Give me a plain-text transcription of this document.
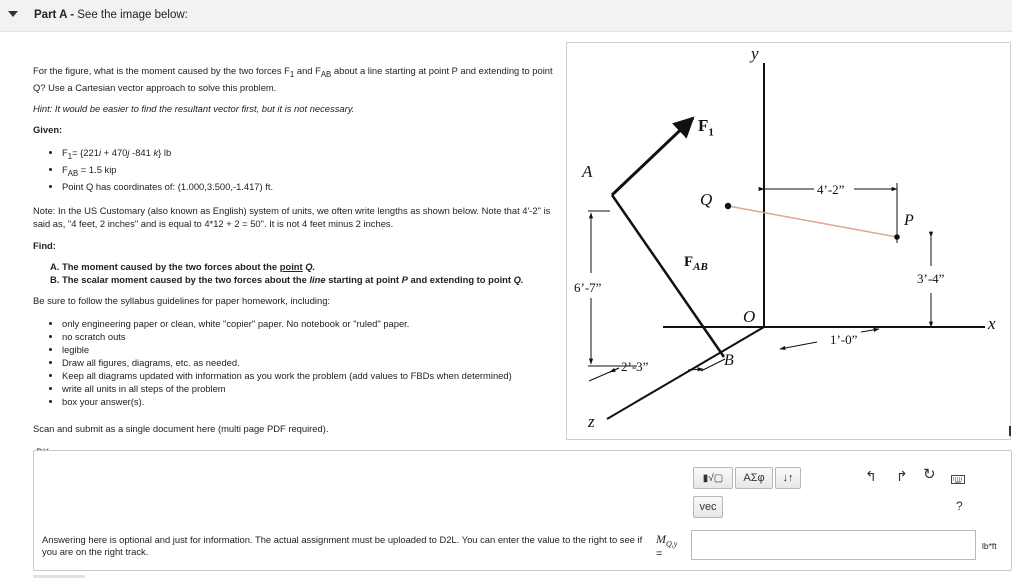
Part A - See the image below:

For the figure, what is the moment caused by the two forces $F_1$ and $F_{AB}$ about a line starting at point P and extending to point Q? Use a Cartesian vector approach to solve this problem.

Hint: It would be easier to find the resultant vector first, but it is not necessary.

Given:

• $F_1= \{221i + 470j$ -841 k} lb
• $F_{AB} = 1.5$ kip
• Point Q has coordinates of: (1.000,3.500,-1.417) ft.

Note: In the US Customary (also known as English) system of units, we often write lengths as shown below. Note that 4'-2" is said as, "4 feet, 2 inches" and is equal to 4*12 + 2 = 50". It is not 4 feet minus 2 inches.

Find:

A. The moment caused by the two forces about the point Q.
B. The scalar moment caused by the two forces about the line starting at point P and extending to point Q.

Be sure to follow the syllabus guidelines for paper homework, including:

• only engineering paper or clean, white "copier" paper. No notebook or "ruled" paper.
• no scratch outs
• legible
• Draw all figures, diagrams, etc. as needed.
• Keep all diagrams updated with information as you work the problem (add values to FBDs when determined)
• write all units in all steps of the problem
• box your answer(s).

Scan and submit as a single document here (multi page PDF required).

y
x
z
A
B
O
P
Q
$F_1$
$F_{AB}$
4’-2”
3’-4”
1’-0”
6’-7”
2’-3”
▮√▢	ΑΣφ	↓↑
vec
↰ ↱ ↻
?
Answering here is optional and just for information. The actual assignment must be uploaded to D2L. You can enter the value to the right to see if you are on the right track.
$M_{Q,y}$
=
lb*ft
